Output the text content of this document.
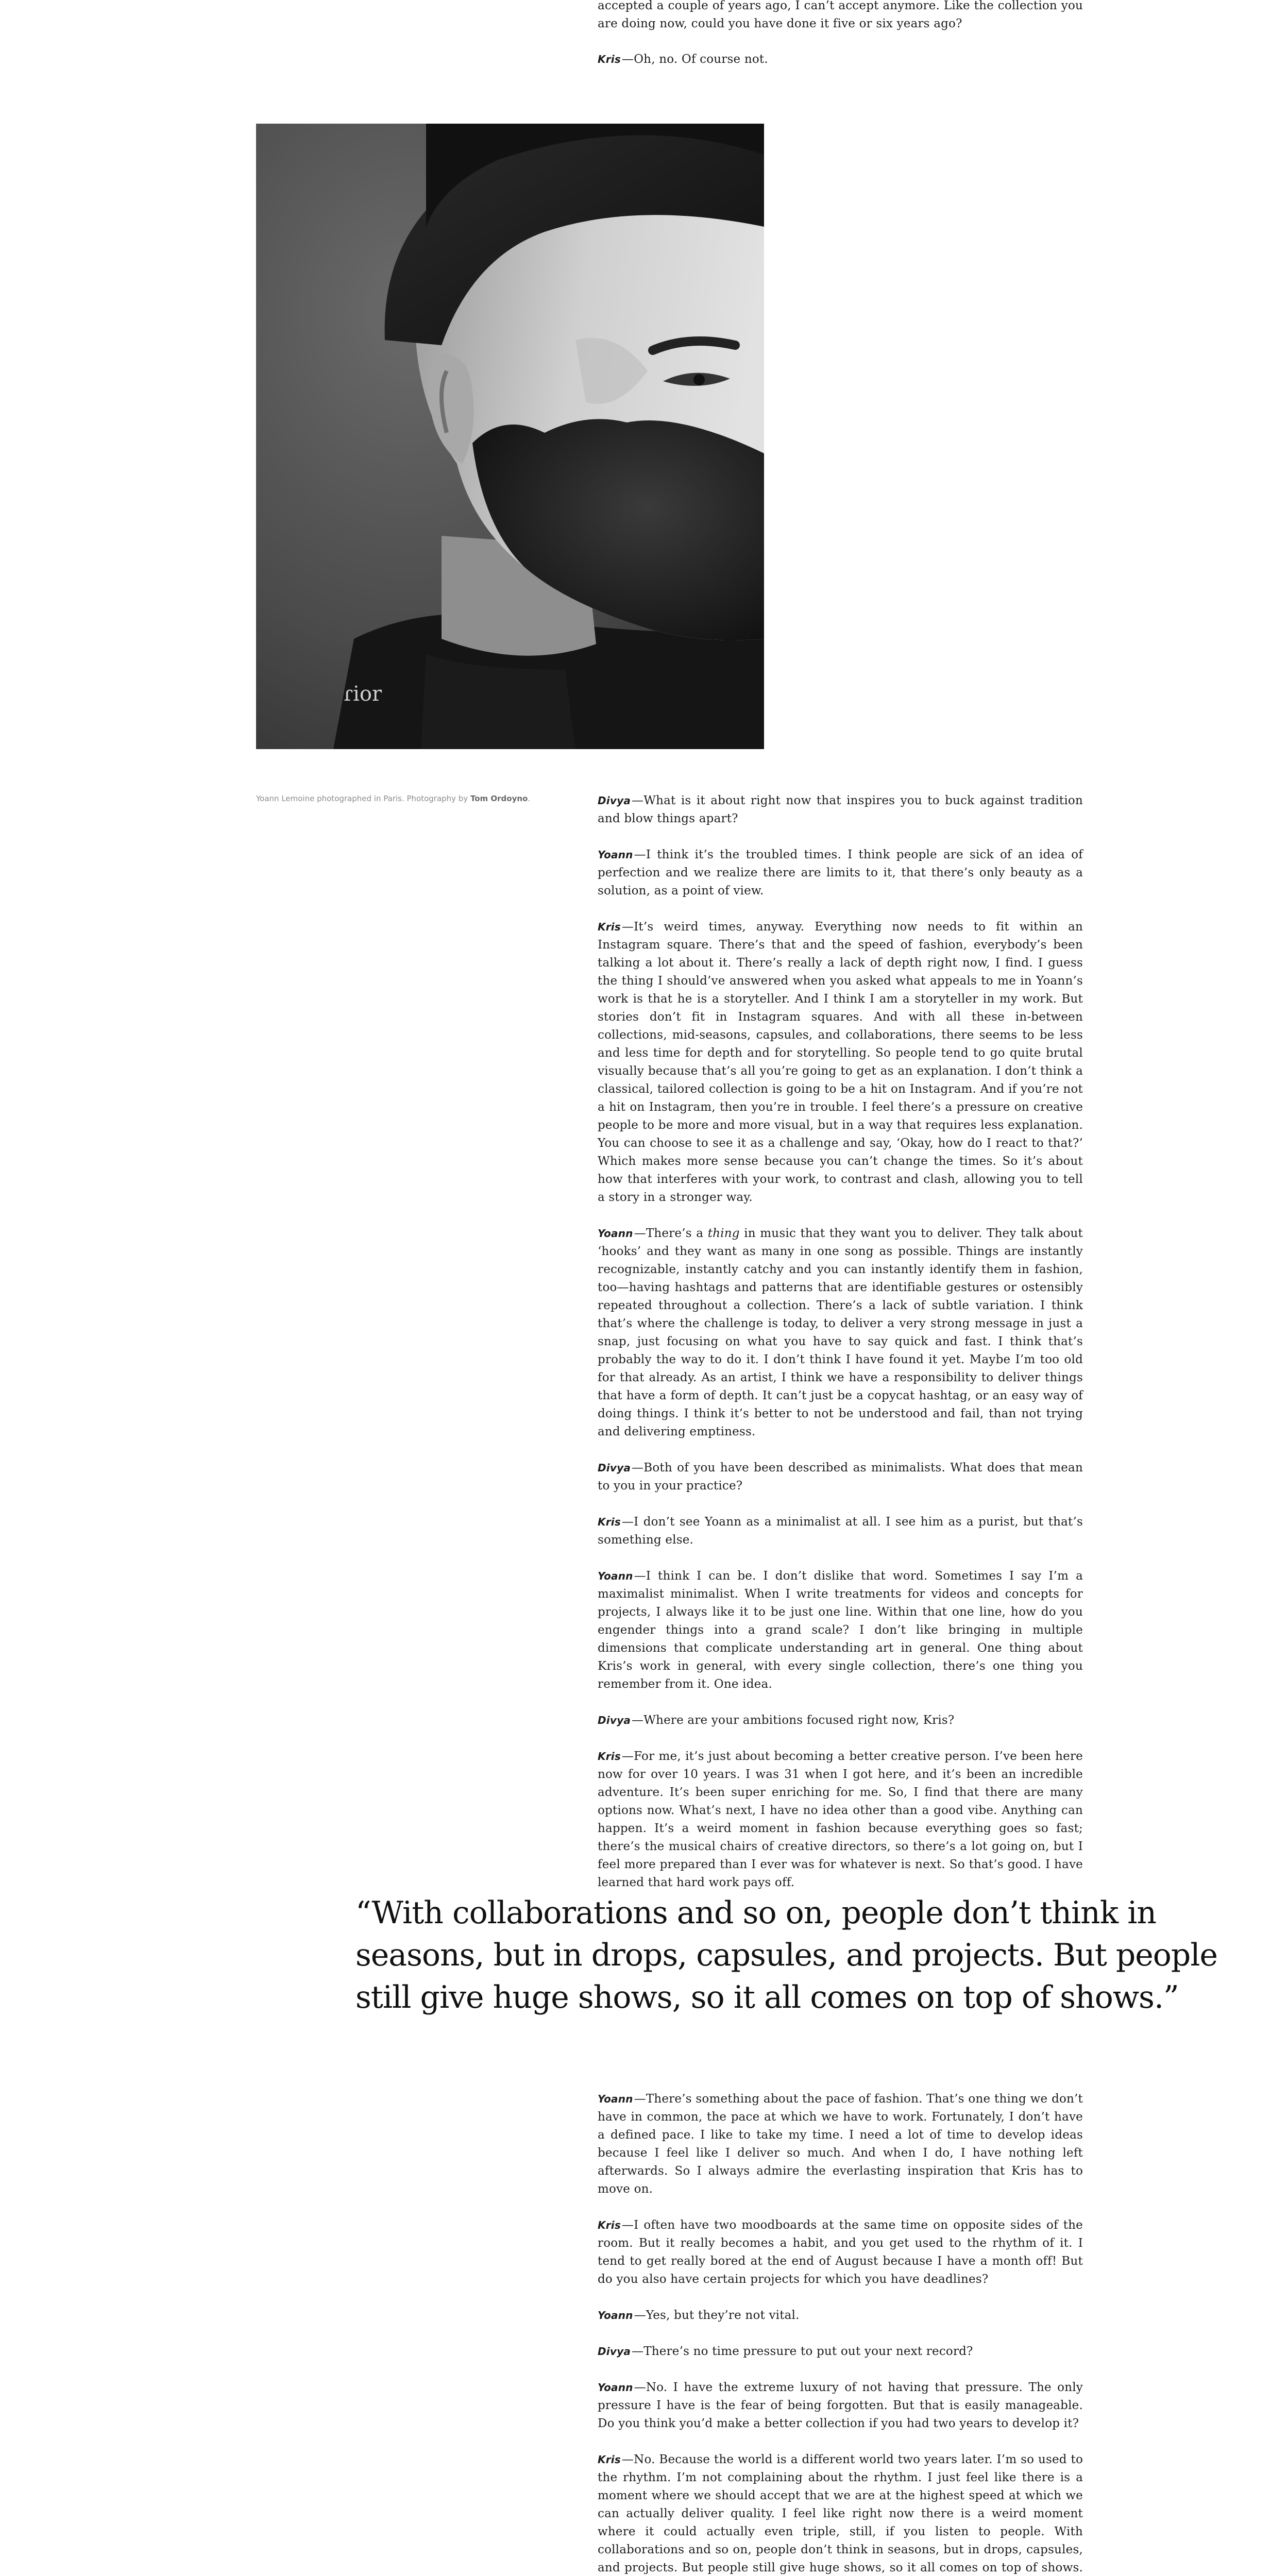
accepted a couple of years ago, I can’t accept anymore. Like the collection you are doing now, could you have done it five or six years ago?

Kris—Oh, no. Of course not.

ɾior
Yoann Lemoine photographed in Paris. Photography by Tom Ordoyno.	Divya—What is it about right now that inspires you to buck against tradition and blow things apart?

Yoann—I think it’s the troubled times. I think people are sick of an idea of perfection and we realize there are limits to it, that there’s only beauty as a solution, as a point of view.

Kris—It’s weird times, anyway. Everything now needs to fit within an Instagram square. There’s that and the speed of fashion, everybody’s been talking a lot about it. There’s really a lack of depth right now, I find. I guess the thing I should’ve answered when you asked what appeals to me in Yoann’s work is that he is a storyteller. And I think I am a storyteller in my work. But stories don’t fit in Instagram squares. And with all these in-between collections, mid-seasons, capsules, and collaborations, there seems to be less and less time for depth and for storytelling. So people tend to go quite brutal visually because that’s all you’re going to get as an explanation. I don’t think a classical, tailored collection is going to be a hit on Instagram. And if you’re not a hit on Instagram, then you’re in trouble. I feel there’s a pressure on creative people to be more and more visual, but in a way that requires less explanation. You can choose to see it as a challenge and say, ‘Okay, how do I react to that?’ Which makes more sense because you can’t change the times. So it’s about how that interferes with your work, to contrast and clash, allowing you to tell a story in a stronger way.

Yoann—There’s a thing in music that they want you to deliver. They talk about ‘hooks’ and they want as many in one song as possible. Things are instantly recognizable, instantly catchy and you can instantly identify them in fashion, too—having hashtags and patterns that are identifiable gestures or ostensibly repeated throughout a collection. There’s a lack of subtle variation. I think that’s where the challenge is today, to deliver a very strong message in just a snap, just focusing on what you have to say quick and fast. I think that’s probably the way to do it. I don’t think I have found it yet. Maybe I’m too old for that already. As an artist, I think we have a responsibility to deliver things that have a form of depth. It can’t just be a copycat hashtag, or an easy way of doing things. I think it’s better to not be understood and fail, than not trying and delivering emptiness.

Divya—Both of you have been described as minimalists. What does that mean to you in your practice?

Kris—I don’t see Yoann as a minimalist at all. I see him as a purist, but that’s something else.

Yoann—I think I can be. I don’t dislike that word. Sometimes I say I’m a maximalist minimalist. When I write treatments for videos and concepts for projects, I always like it to be just one line. Within that one line, how do you engender things into a grand scale? I don’t like bringing in multiple dimensions that complicate understanding art in general. One thing about Kris’s work in general, with every single collection, there’s one thing you remember from it. One idea.

Divya—Where are your ambitions focused right now, Kris?

Kris—For me, it’s just about becoming a better creative person. I’ve been here now for over 10 years. I was 31 when I got here, and it’s been an incredible adventure. It’s been super enriching for me. So, I find that there are many options now. What’s next, I have no idea other than a good vibe. Anything can happen. It’s a weird moment in fashion because everything goes so fast; there’s the musical chairs of creative directors, so there’s a lot going on, but I feel more prepared than I ever was for whatever is next. So that’s good. I have learned that hard work pays off.

“With collaborations and so on, people don’t think in seasons, but in drops, capsules, and projects. But people still give huge shows, so it all comes on top of shows.”

Yoann—There’s something about the pace of fashion. That’s one thing we don’t have in common, the pace at which we have to work. Fortunately, I don’t have a defined pace. I like to take my time. I need a lot of time to develop ideas because I feel like I deliver so much. And when I do, I have nothing left afterwards. So I always admire the everlasting inspiration that Kris has to move on.

Kris—I often have two moodboards at the same time on opposite sides of the room. But it really becomes a habit, and you get used to the rhythm of it. I tend to get really bored at the end of August because I have a month off! But do you also have certain projects for which you have deadlines?

Yoann—Yes, but they’re not vital.

Divya—There’s no time pressure to put out your next record?

Yoann—No. I have the extreme luxury of not having that pressure. The only pressure I have is the fear of being forgotten. But that is easily manageable. Do you think you’d make a better collection if you had two years to develop it?

Kris—No. Because the world is a different world two years later. I’m so used to the rhythm. I’m not complaining about the rhythm. I just feel like there is a moment where we should accept that we are at the highest speed at which we can actually deliver quality. I feel like right now there is a weird moment where it could actually even triple, still, if you listen to people. With collaborations and so on, people don’t think in seasons, but in drops, capsules, and projects. But people still give huge shows, so it all comes on top of shows.
